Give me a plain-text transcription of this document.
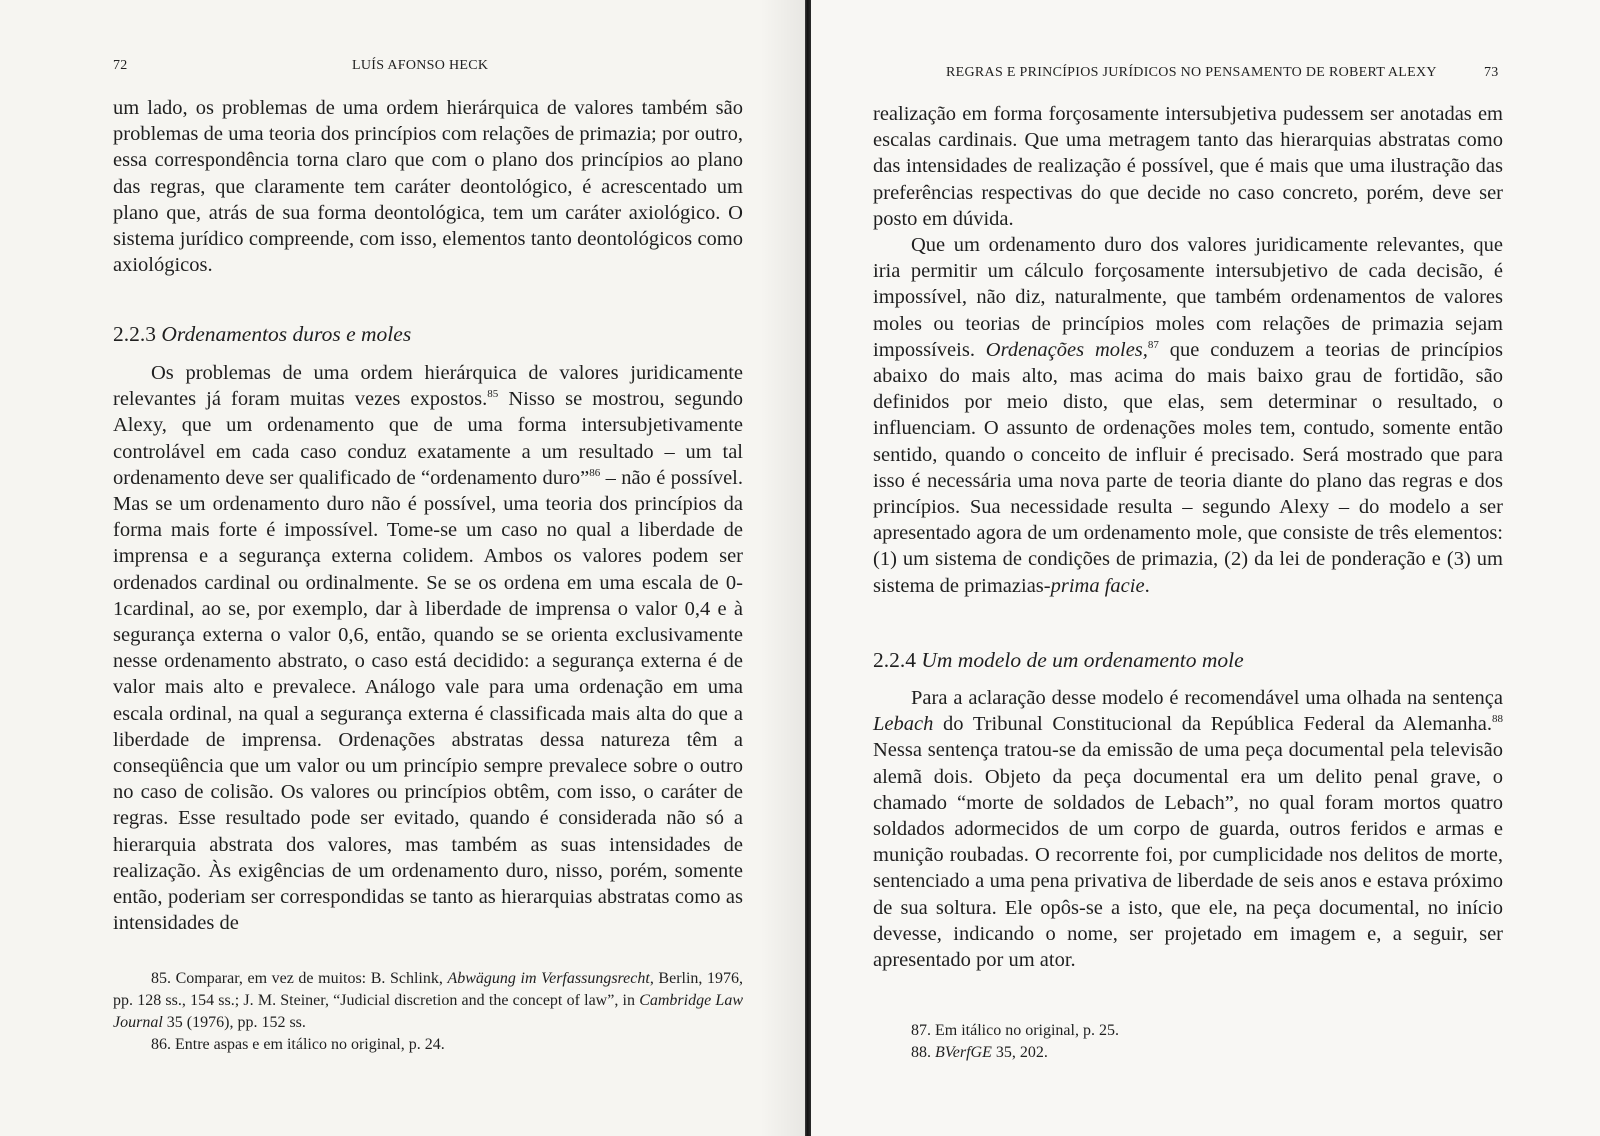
72	LUÍS AFONSO HECK

um lado, os problemas de uma ordem hierárquica de valores também são problemas de uma teoria dos princípios com relações de primazia; por outro, essa correspondência torna claro que com o plano dos princípios ao plano das regras, que claramente tem caráter deontológico, é acrescentado um plano que, atrás de sua forma deontológica, tem um caráter axiológico. O sistema jurídico compreende, com isso, elementos tanto deontológicos como axiológicos.

2.2.3 Ordenamentos duros e moles

Os problemas de uma ordem hierárquica de valores juridicamente relevantes já foram muitas vezes expostos.$^{85}$ Nisso se mostrou, segundo Alexy, que um ordenamento que de uma forma intersubjetivamente controlável em cada caso conduz exatamente a um resultado – um tal ordenamento deve ser qualificado de “ordenamento duro”$^{86}$ – não é possível. Mas se um ordenamento duro não é possível, uma teoria dos princípios da forma mais forte é impossível. Tome-se um caso no qual a liberdade de imprensa e a segurança externa colidem. Ambos os valores podem ser ordenados cardinal ou ordinalmente. Se se os ordena em uma escala de 0-1cardinal, ao se, por exemplo, dar à liberdade de imprensa o valor 0,4 e à segurança externa o valor 0,6, então, quando se se orienta exclusivamente nesse ordenamento abstrato, o caso está decidido: a segurança externa é de valor mais alto e prevalece. Análogo vale para uma ordenação em uma escala ordinal, na qual a segurança externa é classificada mais alta do que a liberdade de imprensa. Ordenações abstratas dessa natureza têm a conseqüência que um valor ou um princípio sempre prevalece sobre o outro no caso de colisão. Os valores ou princípios obtêm, com isso, o caráter de regras. Esse resultado pode ser evitado, quando é considerada não só a hierarquia abstrata dos valores, mas também as suas intensidades de realização. Às exigências de um ordenamento duro, nisso, porém, somente então, poderiam ser correspondidas se tanto as hierarquias abstratas como as intensidades de

85. Comparar, em vez de muitos: B. Schlink, Abwägung im Verfassungsrecht, Berlin, 1976, pp. 128 ss., 154 ss.; J. M. Steiner, “Judicial discretion and the concept of law”, in Cambridge Law Journal 35 (1976), pp. 152 ss.

86. Entre aspas e em itálico no original, p. 24.

REGRAS E PRINCÍPIOS JURÍDICOS NO PENSAMENTO DE ROBERT ALEXY	73

realização em forma forçosamente intersubjetiva pudessem ser anotadas em escalas cardinais. Que uma metragem tanto das hierarquias abstratas como das intensidades de realização é possível, que é mais que uma ilustração das preferências respectivas do que decide no caso concreto, porém, deve ser posto em dúvida.

Que um ordenamento duro dos valores juridicamente relevantes, que iria permitir um cálculo forçosamente intersubjetivo de cada decisão, é impossível, não diz, naturalmente, que também ordenamentos de valores moles ou teorias de princípios moles com relações de primazia sejam impossíveis. Ordenações moles,$^{87}$ que conduzem a teorias de princípios abaixo do mais alto, mas acima do mais baixo grau de fortidão, são definidos por meio disto, que elas, sem determinar o resultado, o influenciam. O assunto de ordenações moles tem, contudo, somente então sentido, quando o conceito de influir é precisado. Será mostrado que para isso é necessária uma nova parte de teoria diante do plano das regras e dos princípios. Sua necessidade resulta – segundo Alexy – do modelo a ser apresentado agora de um ordenamento mole, que consiste de três elementos: (1) um sistema de condições de primazia, (2) da lei de ponderação e (3) um sistema de primazias-prima facie.

2.2.4 Um modelo de um ordenamento mole

Para a aclaração desse modelo é recomendável uma olhada na sentença Lebach do Tribunal Constitucional da República Federal da Alemanha.$^{88}$ Nessa sentença tratou-se da emissão de uma peça documental pela televisão alemã dois. Objeto da peça documental era um delito penal grave, o chamado “morte de soldados de Lebach”, no qual foram mortos quatro soldados adormecidos de um corpo de guarda, outros feridos e armas e munição roubadas. O recorrente foi, por cumplicidade nos delitos de morte, sentenciado a uma pena privativa de liberdade de seis anos e estava próximo de sua soltura. Ele opôs-se a isto, que ele, na peça documental, no início devesse, indicando o nome, ser projetado em imagem e, a seguir, ser apresentado por um ator.

87. Em itálico no original, p. 25.

88. BVerfGE 35, 202.
